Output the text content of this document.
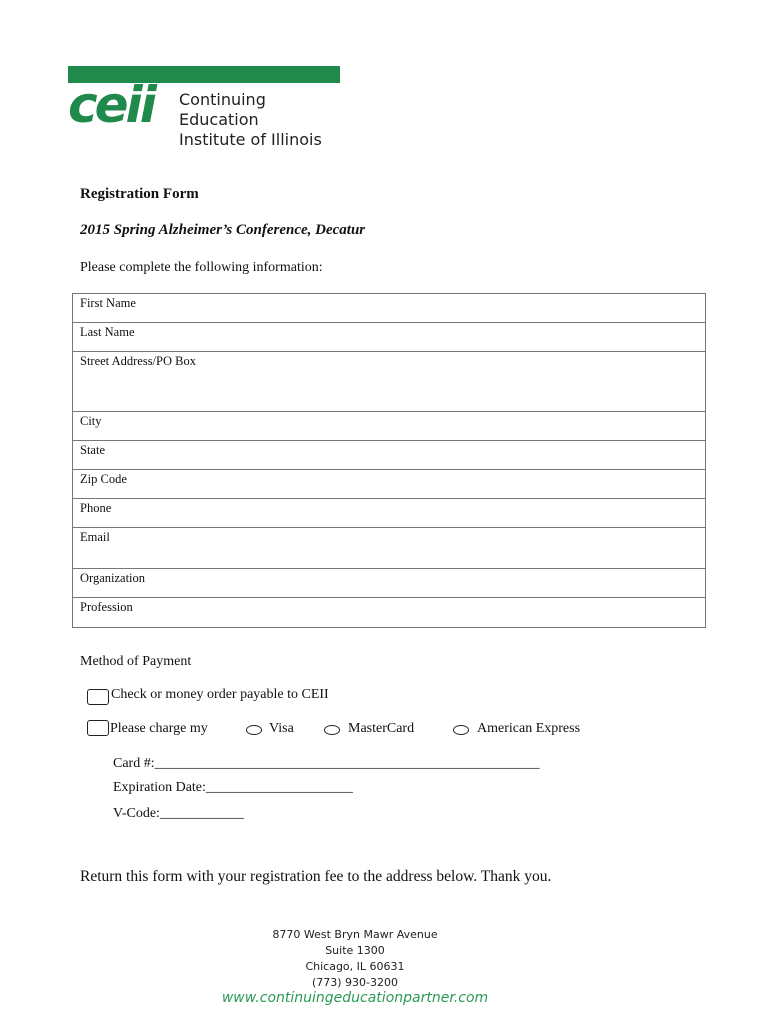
ceii Continuing Education
Institute of Illinois
Registration Form
2015 Spring Alzheimer’s Conference, Decatur
Please complete the following information:
First Name
Last Name
Street Address/PO Box
City
State
Zip Code
Phone
Email
Organization
Profession
Method of Payment
Check or money order payable to CEII
Please charge my	Visa	MasterCard	American Express
Card #:_______________________________________________________
Expiration Date:_____________________
V-Code:____________
Return this form with your registration fee to the address below. Thank you.
8770 West Bryn Mawr Avenue
Suite 1300
Chicago, IL 60631
(773) 930-3200
www.continuingeducationpartner.com
